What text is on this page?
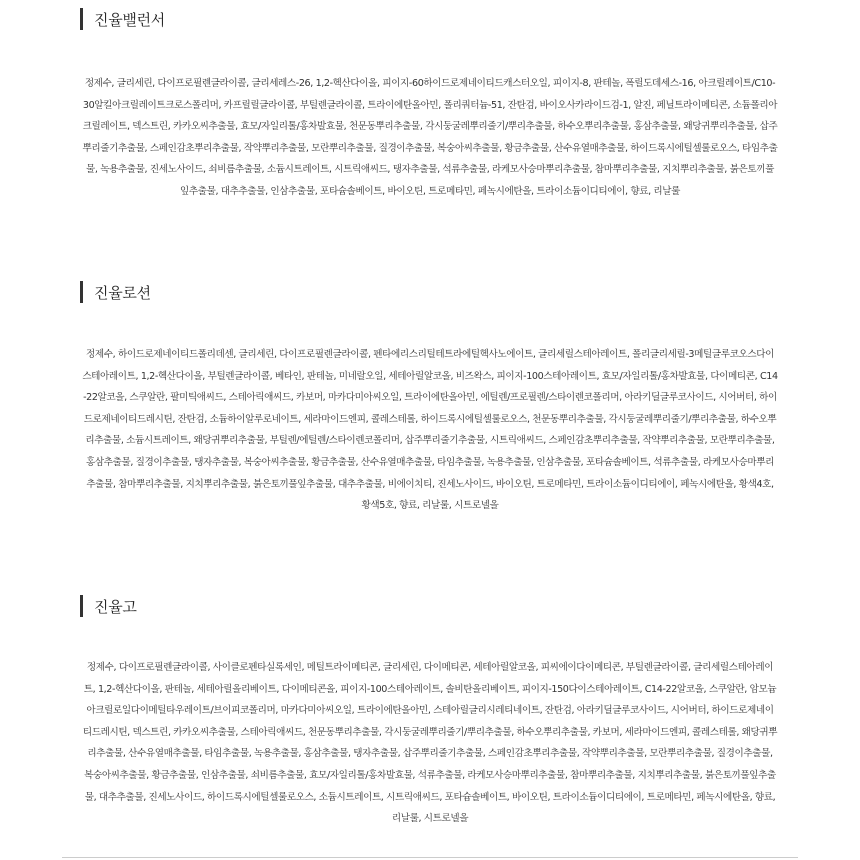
진율밸런서
정제수, 글리세린, 다이프로필렌글라이콜, 글리세레스-26, 1,2-헥산다이올, 피이지-60하이드로제네이티드캐스터오일, 피이지-8, 판테놀, 폭릴도데세스-16, 아크릴레이트/C10-30알킬아크릴레이트크로스폴리머, 카프릴릴글라이콜, 부틸렌글라이콜, 트라이에탄올아민, 폴리쿼터늄-51, 잔탄검, 바이오사카라이드검-1, 알진, 페닐트라이메티콘, 소듐폴리아크릴레이트, 덱스트린, 카카오씨추출물, 효모/자일리톨/홍차발효물, 천문동뿌리추출물, 각시둥굴레뿌리줄기/뿌리추출물, 하수오뿌리추출물, 홍삼추출물, 왜당귀뿌리추출물, 삽주뿌리줄기추출물, 스페인감초뿌리추출물, 작약뿌리추출물, 모란뿌리추출물, 질경이추출물, 복숭아씨추출물, 황금추출물, 산수유열매추출물, 하이드록시에틸셀룰로오스, 타임추출물, 녹용추출물, 진세노사이드, 쇠비름추출물, 소듐시트레이트, 시트릭애씨드, 탱자추출물, 석류추출물, 라케모사승마뿌리추출물, 참마뿌리추출물, 지치뿌리추출물, 붉은토끼풀잎추출물, 대추추출물, 인삼추출물, 포타슘솔베이트, 바이오틴, 트로메타민, 페녹시에탄올, 트라이소듐이디티에이, 향료, 리날룰
진율로션
정제수, 하이드로제네이티드폴리데센, 글리세린, 다이프로필렌글라이콜, 펜타에리스리틸테트라에틸헥사노에이트, 글리세릴스테아레이트, 폴리글리세릴-3메틸글루코오스다이스테아레이트, 1,2-헥산다이올, 부틸렌글라이콜, 베타인, 판테놀, 미네랄오일, 세테아릴알코올, 비즈왁스, 피이지-100스테아레이트, 효모/자일리톨/홍차발효물, 다이메티콘, C14-22알코올, 스쿠알란, 팔미틱애씨드, 스테아릭애씨드, 카보머, 마카다미아씨오일, 트라이에탄올아민, 에틸렌/프로필렌/스타이렌코폴리머, 아라키딜글루코사이드, 시어버터, 하이드로제네이티드레시틴, 잔탄검, 소듐하이알루로네이트, 세라마이드엔피, 콜레스테롤, 하이드록시에틸셀룰로오스, 천문동뿌리추출물, 각시둥굴레뿌리줄기/뿌리추출물, 하수오뿌리추출물, 소듐시트레이트, 왜당귀뿌리추출물, 부틸렌/에틸렌/스타이렌코폴리머, 삽주뿌리줄기추출물, 시트릭애씨드, 스페인감초뿌리추출물, 작약뿌리추출물, 모란뿌리추출물, 홍삼추출물, 질경이추출물, 탱자추출물, 복숭아씨추출물, 황금추출물, 산수유열매추출물, 타임추출물, 녹용추출물, 인삼추출물, 포타슘솔베이트, 석류추출물, 라케모사승마뿌리추출물, 참마뿌리추출물, 지치뿌리추출물, 붉은토끼풀잎추출물, 대추추출물, 비에이치티, 진세노사이드, 바이오틴, 트로메타민, 트라이소듐이디티에이, 페녹시에탄올, 황색4호, 황색5호, 향료, 리날룰, 시트로넬올
진율고
정제수, 다이프로필렌글라이콜, 사이클로펜타실록세인, 메틸트라이메티콘, 글리세린, 다이메티콘, 세테아릴알코올, 피씨에이다이메티콘, 부틸렌글라이콜, 글리세릴스테아레이트, 1,2-헥산다이올, 판테놀, 세테아릴올리베이트, 다이메티콘올, 피이지-100스테아레이트, 솔비탄올리베이트, 피이지-150다이스테아레이트, C14-22알코올, 스쿠알란, 암모늄아크릴로일다이메틸타우레이트/브이피코폴리머, 마카다미아씨오일, 트라이에탄올아민, 스테아릴글리시레티네이트, 잔탄검, 아라키딜글루코사이드, 시어버터, 하이드로제네이티드레시틴, 덱스트린, 카카오씨추출물, 스테아릭애씨드, 천문동뿌리추출물, 각시둥굴레뿌리줄기/뿌리추출물, 하수오뿌리추출물, 카보머, 세라마이드엔피, 콜레스테롤, 왜당귀뿌리추출물, 산수유열매추출물, 타임추출물, 녹용추출물, 홍삼추출물, 탱자추출물, 삽주뿌리줄기추출물, 스페인감초뿌리추출물, 작약뿌리추출물, 모란뿌리추출물, 질경이추출물, 복숭아씨추출물, 황금추출물, 인삼추출물, 쇠비름추출물, 효모/자일리톨/홍차발효물, 석류추출물, 라케모사승마뿌리추출물, 참마뿌리추출물, 지치뿌리추출물, 붉은토끼풀잎추출물, 대추추출물, 진세노사이드, 하이드록시에틸셀룰로오스, 소듐시트레이트, 시트릭애씨드, 포타슘솔베이트, 바이오틴, 트라이소듐이디티에이, 트로메타민, 페녹시에탄올, 향료, 리날룰, 시트로넬올
